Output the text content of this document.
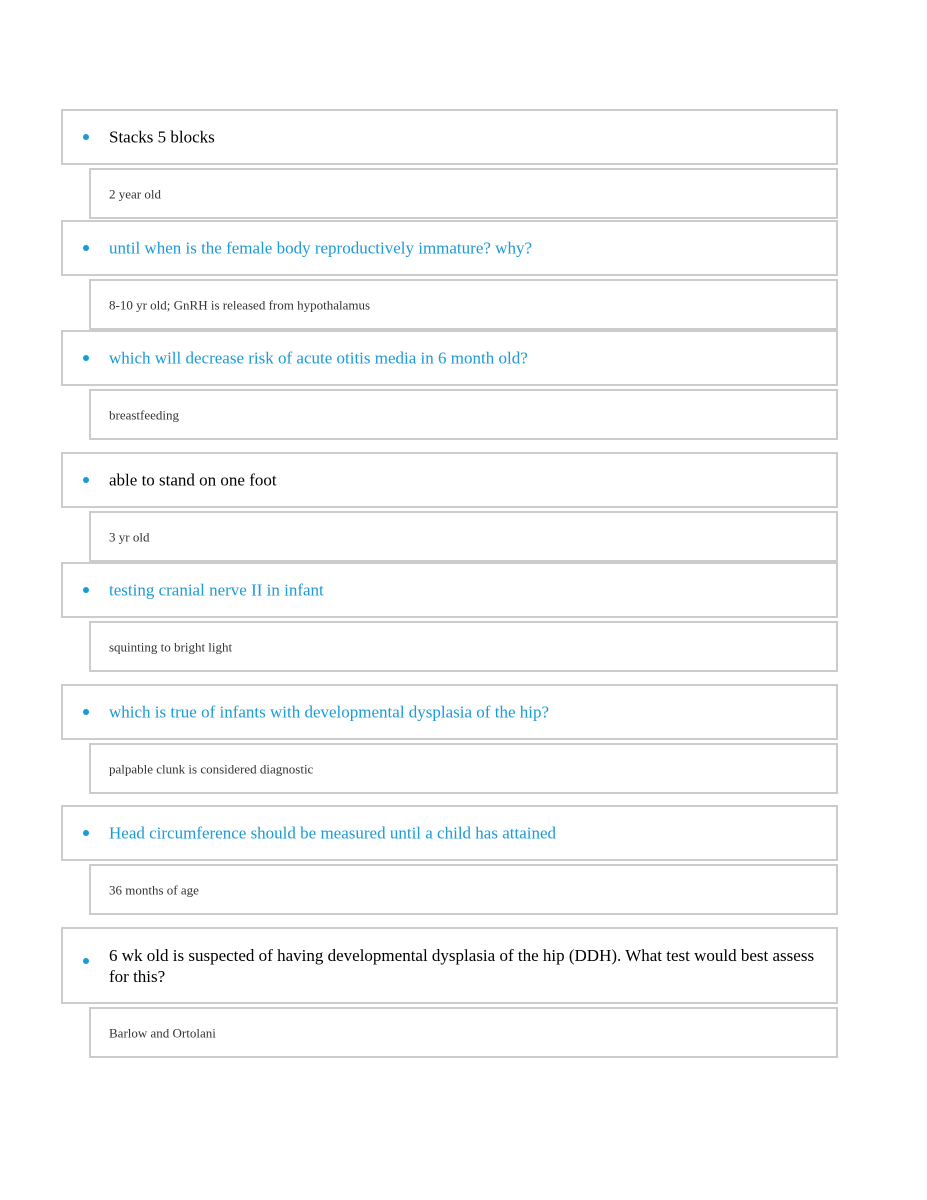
Stacks 5 blocks
2 year old
until when is the female body reproductively immature? why?
8-10 yr old; GnRH is released from hypothalamus
which will decrease risk of acute otitis media in 6 month old?
breastfeeding
able to stand on one foot
3 yr old
testing cranial nerve II in infant
squinting to bright light
which is true of infants with developmental dysplasia of the hip?
palpable clunk is considered diagnostic
Head circumference should be measured until a child has attained
36 months of age
6 wk old is suspected of having developmental dysplasia of the hip (DDH). What test would best assess for this?
Barlow and Ortolani
